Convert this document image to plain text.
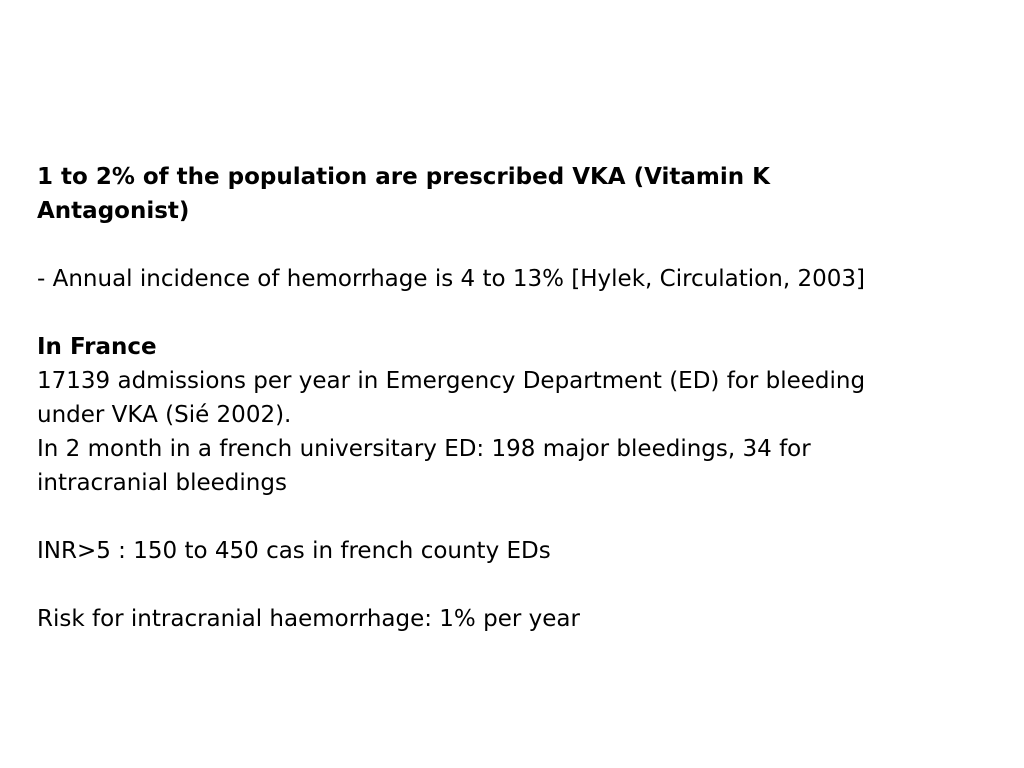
1 to 2% of the population are prescribed VKA (Vitamin K
Antagonist)
- Annual incidence of hemorrhage is 4 to 13% [Hylek, Circulation, 2003]
In France
17139 admissions per year in Emergency Department (ED) for bleeding
under VKA (Sié 2002).
In 2 month in a french universitary ED: 198 major bleedings, 34 for
intracranial bleedings
INR>5 : 150 to 450 cas in french county EDs
Risk for intracranial haemorrhage: 1% per year
